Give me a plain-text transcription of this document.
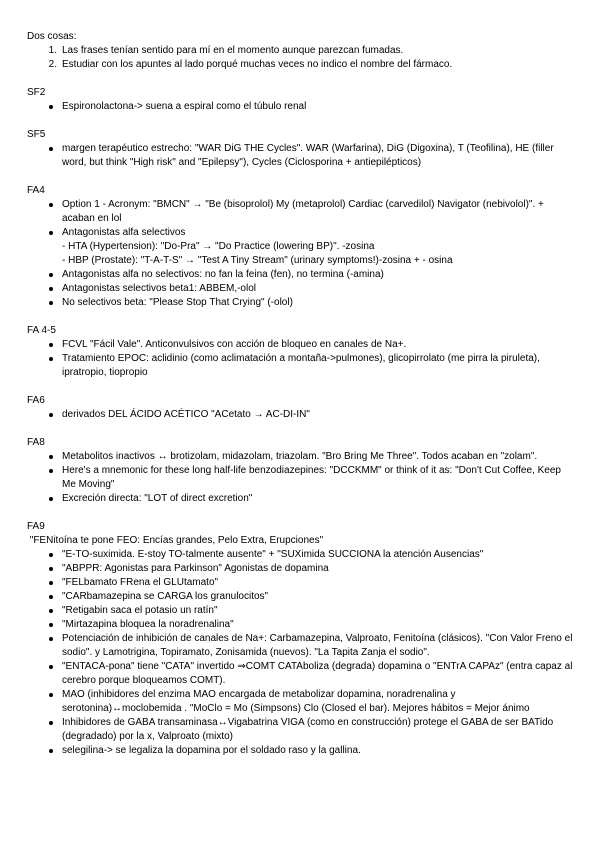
Dos cosas:

1. Las frases tenían sentido para mí en el momento aunque parezcan fumadas.
2. Estudiar con los apuntes al lado porqué muchas veces no indico el nombre del fármaco.

SF2

Espironolactona-> suena a espiral como el túbulo renal

SF5

margen terapéutico estrecho: "WAR DiG THE Cycles". WAR (Warfarina), DiG (Digoxina), T (Teofilina), HE (filler word, but think "High risk" and "Epilepsy"), Cycles (Ciclosporina + antiepilépticos)

FA4

Option 1 - Acronym: "BMCN" → "Be (bisoprolol) My (metaprolol) Cardiac (carvedilol) Navigator (nebivolol)". + acaban en lol
Antagonistas alfa selectivos
- HTA (Hypertension): "Do-Pra" → "Do Practice (lowering BP)". -zosina
- HBP (Prostate): "T-A-T-S" → "Test A Tiny Stream" (urinary symptoms!)-zosina + - osina
Antagonistas alfa no selectivos: no fan la feina (fen), no termina (-amina)
Antagonistas selectivos beta1: ABBEM,-olol
No selectivos beta: "Please Stop That Crying" (-olol)

FA 4-5

FCVL "Fácil Vale". Anticonvulsivos con acción de bloqueo en canales de Na+.
Tratamiento EPOC: aclidinio (como aclimatación a montaña->pulmones), glicopirrolato (me pirra la piruleta), ipratropio, tiopropio

FA6

derivados DEL ÁCIDO ACÉTICO "ACetato → AC-DI-IN"

FA8

Metabolitos inactivos ↔ brotizolam, midazolam, triazolam. "Bro Bring Me Three". Todos acaban en "zolam".
Here's a mnemonic for these long half-life benzodiazepines: "DCCKMM" or think of it as: "Don't Cut Coffee, Keep Me Moving"
Excreción directa: "LOT of direct excretion"

FA9

"FENitoína te pone FEO: Encías grandes, Pelo Extra, Erupciones"

"E-TO-suximida. E-stoy TO-talmente ausente" + "SUXimida SUCCIONA la atención Ausencias"
"ABPPR: Agonistas para Parkinson" Agonistas de dopamina
"FELbamato FRena el GLUtamato"
"CARbamazepina se CARGA los granulocitos"
"Retigabin saca el potasio un ratín"
"Mirtazapina bloquea la noradrenalina"
Potenciación de inhibición de canales de Na+: Carbamazepina, Valproato, Fenitoína (clásicos). "Con Valor Freno el sodio". y Lamotrigina, Topiramato, Zonisamida (nuevos). "La Tapita Zanja el sodio".
"ENTACA-pona" tiene "CATA" invertido ⇒COMT CATAboliza (degrada) dopamina o "ENTrA CAPAz" (entra capaz al cerebro porque bloqueamos COMT).
MAO (inhibidores del enzima MAO encargada de metabolizar dopamina, noradrenalina y serotonina)↔moclobemida . "MoClo = Mo (Simpsons) Clo (Closed el bar). Mejores hábitos = Mejor ánimo
Inhibidores de GABA transaminasa↔Vigabatrina VIGA (como en construcción) protege el GABA de ser BATido (degradado) por la x, Valproato (mixto)
selegilina-> se legaliza la dopamina por el soldado raso y la gallina.
